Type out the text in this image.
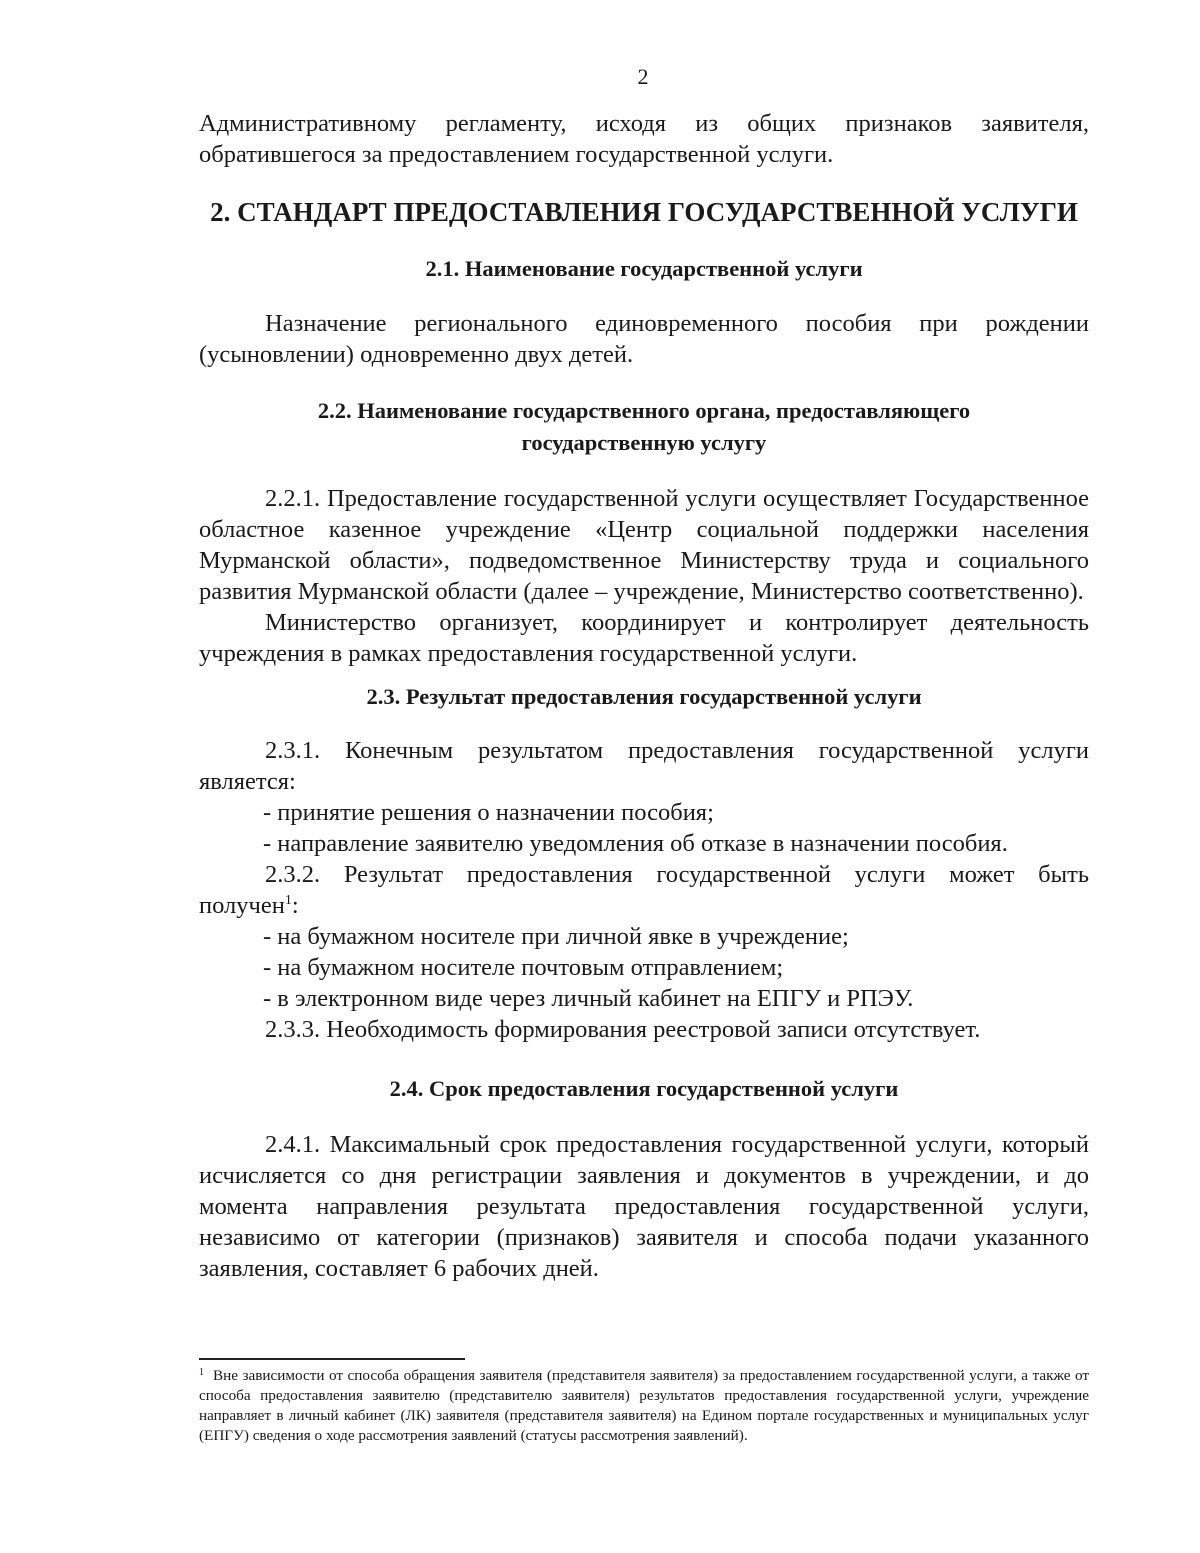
2

Административному регламенту, исходя из общих признаков заявителя, обратившегося за предоставлением государственной услуги.

2. СТАНДАРТ ПРЕДОСТАВЛЕНИЯ ГОСУДАРСТВЕННОЙ УСЛУГИ
2.1. Наименование государственной услуги

Назначение регионального единовременного пособия при рождении (усыновлении) одновременно двух детей.

2.2. Наименование государственного органа, предоставляющего
государственную услугу

2.2.1. Предоставление государственной услуги осуществляет Государственное областное казенное учреждение «Центр социальной поддержки населения Мурманской области», подведомственное Министерству труда и социального развития Мурманской области (далее – учреждение, Министерство соответственно).

Министерство организует, координирует и контролирует деятельность учреждения в рамках предоставления государственной услуги.

2.3. Результат предоставления государственной услуги

2.3.1. Конечным результатом предоставления государственной услуги является:

- принятие решения о назначении пособия;

- направление заявителю уведомления об отказе в назначении пособия.

2.3.2. Результат предоставления государственной услуги может быть получен$^1$:

- на бумажном носителе при личной явке в учреждение;

- на бумажном носителе почтовым отправлением;

- в электронном виде через личный кабинет на ЕПГУ и РПЭУ.

2.3.3. Необходимость формирования реестровой записи отсутствует.

2.4. Срок предоставления государственной услуги

2.4.1. Максимальный срок предоставления государственной услуги, который исчисляется со дня регистрации заявления и документов в учреждении, и до момента направления результата предоставления государственной услуги, независимо от категории (признаков) заявителя и способа подачи указанного заявления, составляет 6 рабочих дней.

$^1$ Вне зависимости от способа обращения заявителя (представителя заявителя) за предоставлением государственной услуги, а также от способа предоставления заявителю (представителю заявителя) результатов предоставления государственной услуги, учреждение направляет в личный кабинет (ЛК) заявителя (представителя заявителя) на Едином портале государственных и муниципальных услуг (ЕПГУ) сведения о ходе рассмотрения заявлений (статусы рассмотрения заявлений).
